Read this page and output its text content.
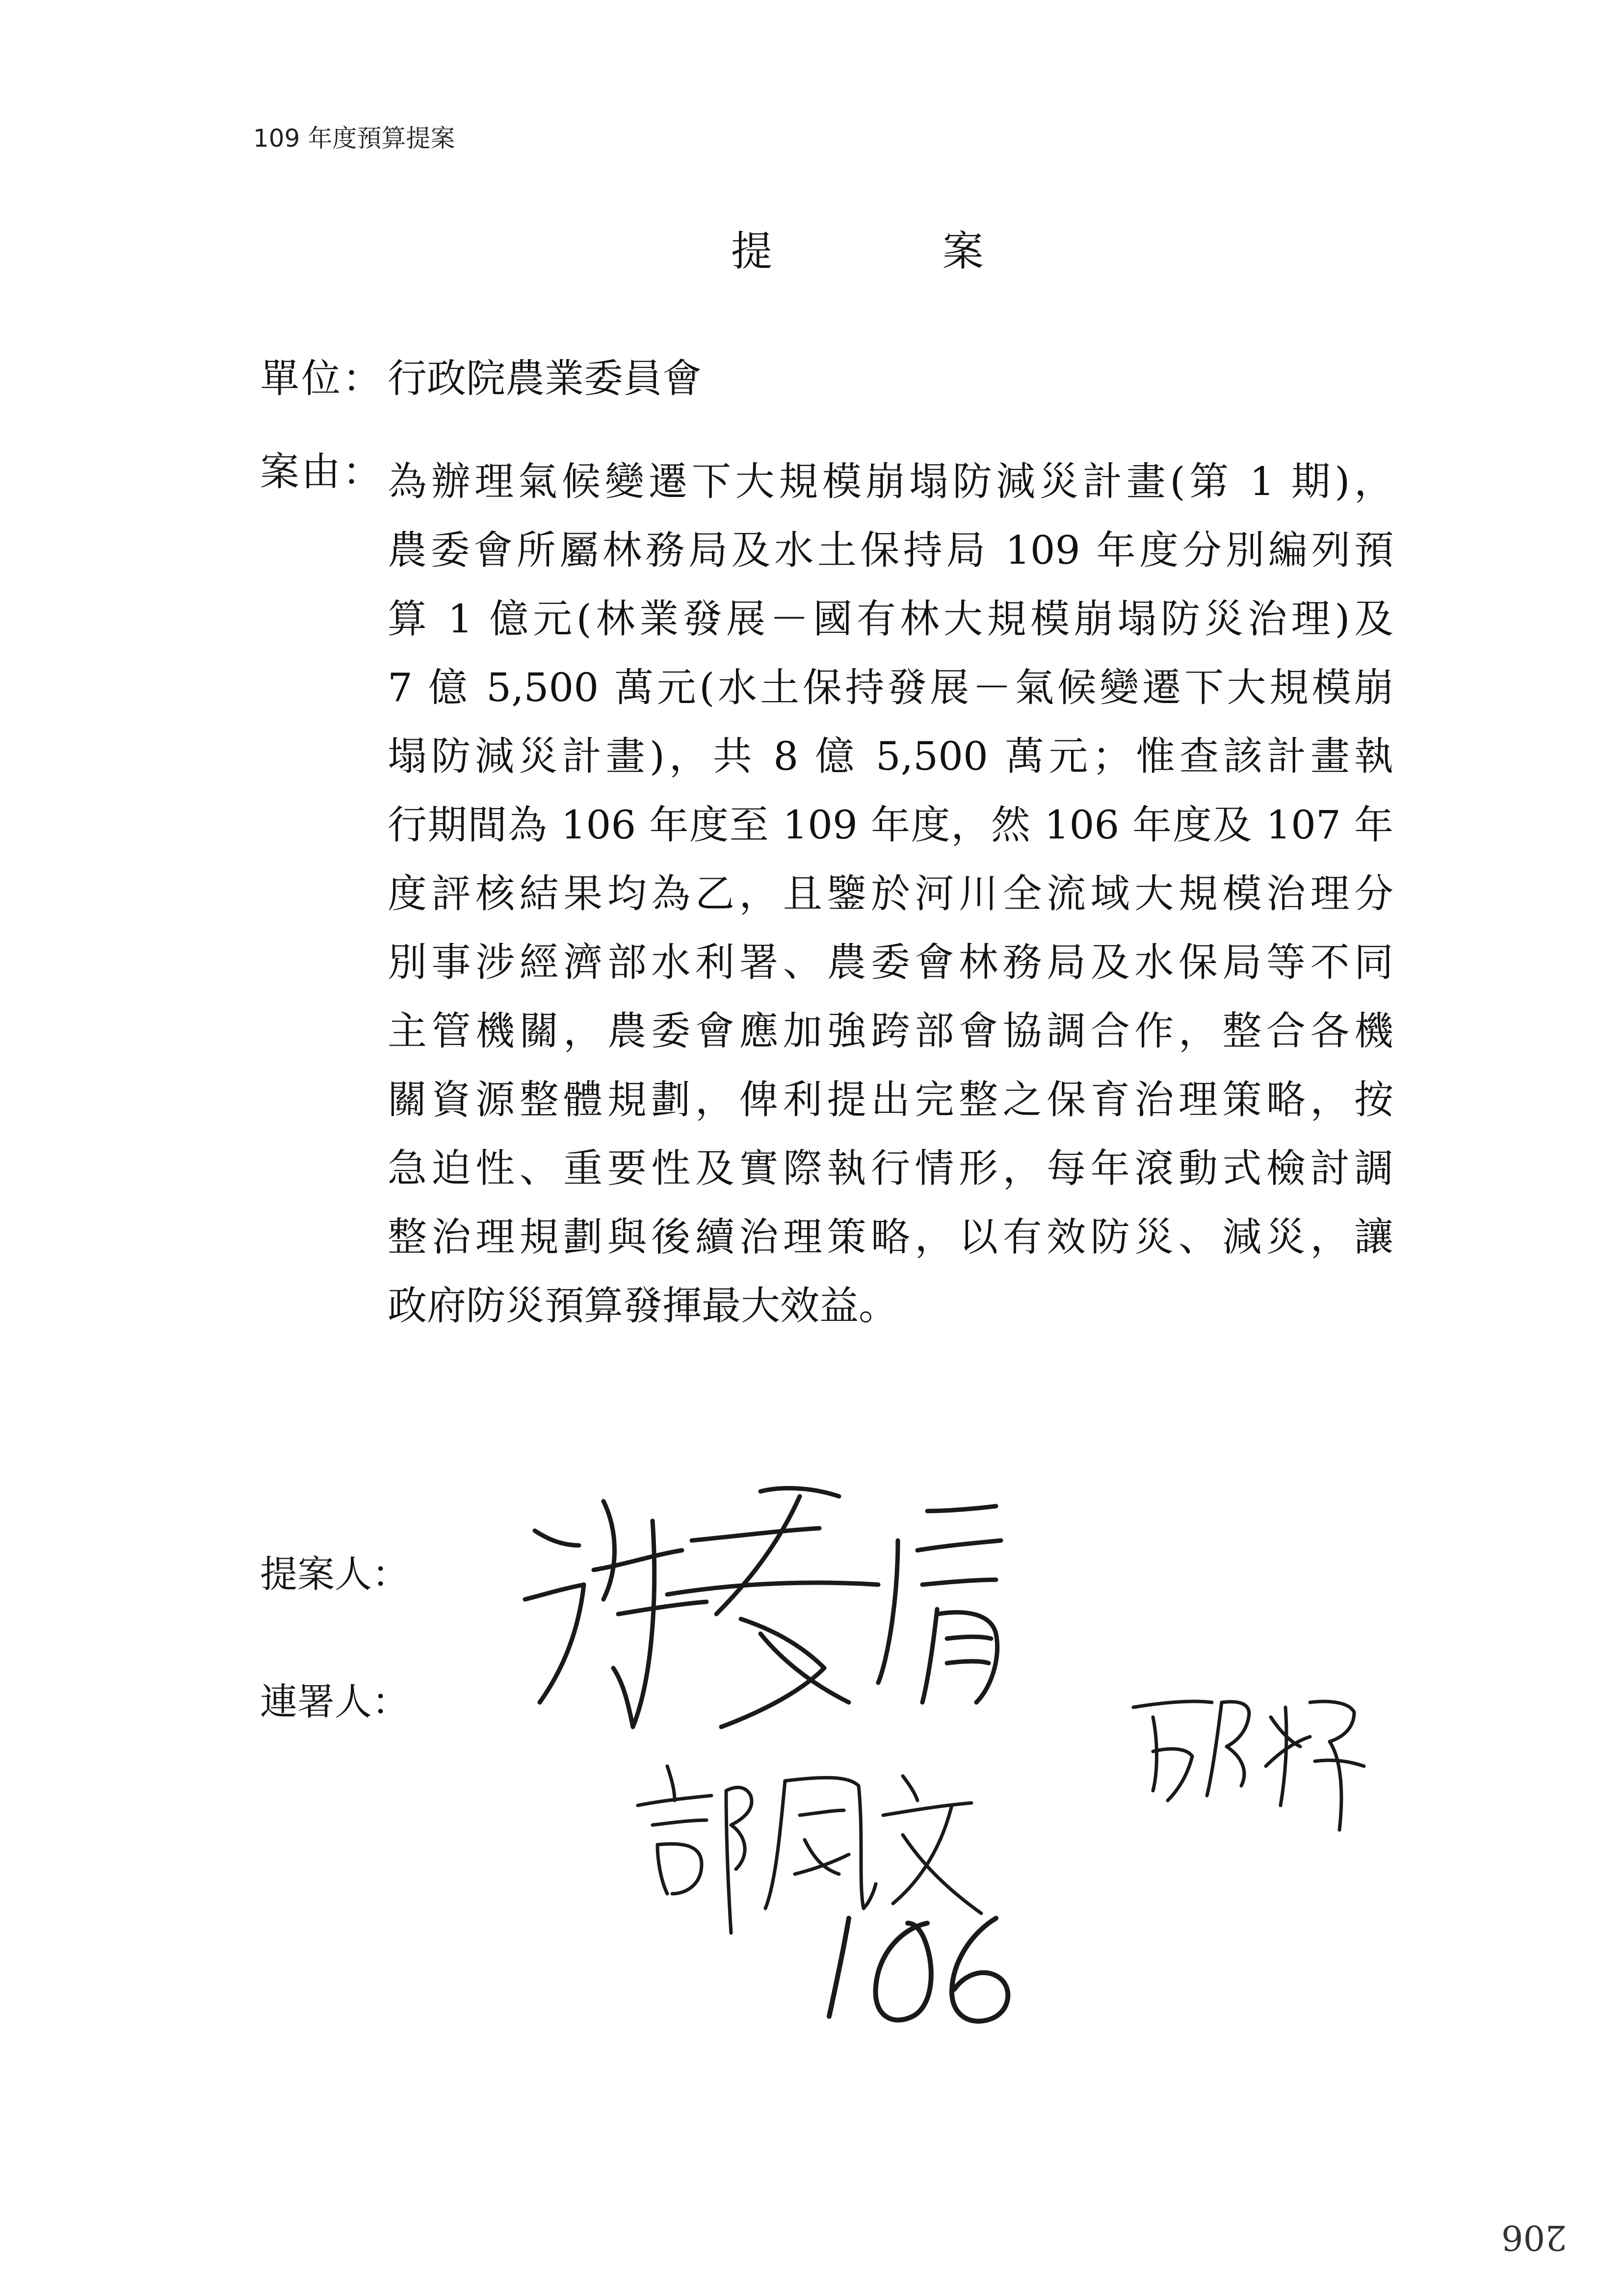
109 年度預算提案
提 案
單位： 行政院農業委員會
案由： 為辦理氣候變遷下大規模崩塌防減災計畫(第 1 期)，
農委會所屬林務局及水土保持局 109 年度分別編列預
算 1 億元(林業發展－國有林大規模崩塌防災治理)及
7 億 5,500 萬元(水土保持發展－氣候變遷下大規模崩
塌防減災計畫)，共 8 億 5,500 萬元；惟查該計畫執
行期間為 106 年度至 109 年度，然 106 年度及 107 年
度評核結果均為乙，且鑒於河川全流域大規模治理分
別事涉經濟部水利署、農委會林務局及水保局等不同
主管機關，農委會應加強跨部會協調合作，整合各機
關資源整體規劃，俾利提出完整之保育治理策略，按
急迫性、重要性及實際執行情形，每年滾動式檢討調
整治理規劃與後續治理策略，以有效防災、減災，讓
政府防災預算發揮最大效益。
提案人：
連署人：
206
